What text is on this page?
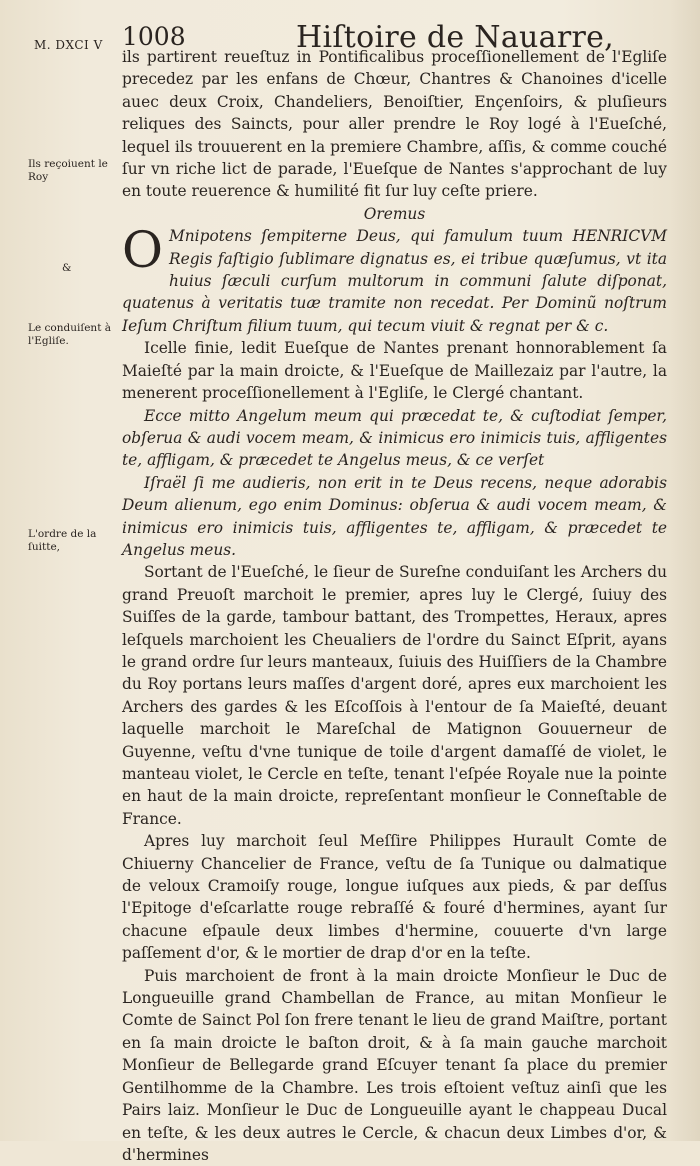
M. DXCI V 1008	Hiſtoire de Nauarre,
Ils reçoiuent le Roy
&
Le conduiſent à l'Egliſe.
L'ordre de la ſuitte,

ils partirent reueſtuz in Pontificalibus proceſſionellement de l'Egliſe precedez par les enfans de Chœur, Chantres & Chanoines d'icelle auec deux Croix, Chandeliers, Benoiſtier, Ençenſoirs, & pluſieurs reliques des Saincts, pour aller prendre le Roy logé à l'Eueſché, lequel ils trouuerent en la premiere Chambre, aſſis, & comme couché ſur vn riche lict de parade, l'Eueſque de Nantes s'approchant de luy en toute reuerence & humilité fit ſur luy ceſte priere.

Oremus

O Mnipotens ſempiterne Deus, qui famulum tuum HENRICVM Regis faſtigio ſublimare dignatus es, ei tribue quæſumus, vt ita huius ſæculi curſum multorum in communi ſalute diſponat, quatenus à veritatis tuæ tramite non recedat. Per Dominũ noſtrum Ieſum Chriſtum filium tuum, qui tecum viuit & regnat per & c.

Icelle finie, ledit Eueſque de Nantes prenant honnorablement ſa Maieſté par la main droicte, & l'Eueſque de Maillezaiz par l'autre, la menerent proceſſionellement à l'Egliſe, le Clergé chantant.

Ecce mitto Angelum meum qui præcedat te, & cuſtodiat ſemper, obſerua & audi vocem meam, & inimicus ero inimicis tuis, affligentes te, affligam, & præcedet te Angelus meus, & ce verſet

Iſraël ſi me audieris, non erit in te Deus recens, neque adorabis Deum alienum, ego enim Dominus: obſerua & audi vocem meam, & inimicus ero inimicis tuis, affligentes te, affligam, & præcedet te Angelus meus.

Sortant de l'Eueſché, le ſieur de Sureſne conduiſant les Archers du grand Preuoſt marchoit le premier, apres luy le Clergé, ſuiuy des Suiſſes de la garde, tambour battant, des Trompettes, Heraux, apres leſquels marchoient les Cheualiers de l'ordre du Sainct Eſprit, ayans le grand ordre ſur leurs manteaux, ſuiuis des Huiſſiers de la Chambre du Roy portans leurs maſſes d'argent doré, apres eux marchoient les Archers des gardes & les Eſcoſſois à l'entour de ſa Maieſté, deuant laquelle marchoit le Mareſchal de Matignon Gouuerneur de Guyenne, veſtu d'vne tunique de toile d'argent damaſſé de violet, le manteau violet, le Cercle en teſte, tenant l'eſpée Royale nue la pointe en haut de la main droicte, repreſentant monſieur le Conneſtable de France.

Apres luy marchoit ſeul Meſſire Philippes Hurault Comte de Chiuerny Chancelier de France, veſtu de ſa Tunique ou dalmatique de veloux Cramoiſy rouge, longue iuſques aux pieds, & par deſſus l'Epitoge d'eſcarlatte rouge rebraſſé & fouré d'hermines, ayant ſur chacune eſpaule deux limbes d'hermine, couuerte d'vn large paſſement d'or, & le mortier de drap d'or en la teſte.

Puis marchoient de front à la main droicte Monſieur le Duc de Longueuille grand Chambellan de France, au mitan Monſieur le Comte de Sainct Pol ſon frere tenant le lieu de grand Maiſtre, portant en ſa main droicte le baſton droit, & à ſa main gauche marchoit Monſieur de Bellegarde grand Eſcuyer tenant ſa place du premier Gentilhomme de la Chambre. Les trois eſtoient veſtuz ainſi que les Pairs laiz. Monſieur le Duc de Longueuille ayant le chappeau Ducal en teſte, & les deux autres le Cercle, & chacun deux Limbes d'or, & d'hermines
